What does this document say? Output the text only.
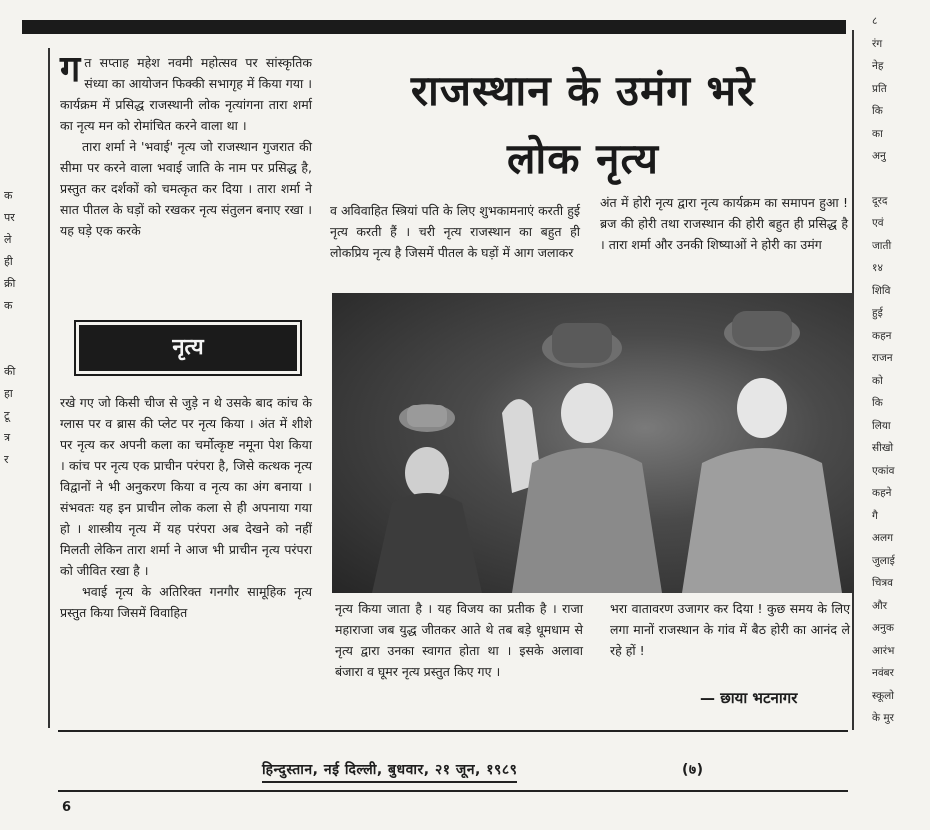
क
पर
ले
ही
क्री
क
की
हा
टू
त्र
र
८
रंग
नेह
प्रति
कि
का
अनु
दूरद
एवं
जाती
१४
शिवि
हुई
कहन
राजन
को
कि
लिया
सीखो
एकांव
कहने
गै
अलग
जुलाई
चित्रव
और
अनुक
आरंभ
नवंबर
स्कूलो
के मुर

गत सप्ताह महेश नवमी महोत्सव पर सांस्कृतिक संध्या का आयोजन फिक्की सभागृह में किया गया । कार्यक्रम में प्रसिद्ध राजस्थानी लोक नृत्यांगना तारा शर्मा का नृत्य मन को रोमांचित करने वाला था ।

तारा शर्मा ने 'भवाई' नृत्य जो राजस्थान गुजरात की सीमा पर करने वाला भवाई जाति के नाम पर प्रसिद्ध है, प्रस्तुत कर दर्शकों को चमत्कृत कर दिया । तारा शर्मा ने सात पीतल के घड़ों को रखकर नृत्य संतुलन बनाए रखा । यह घड़े एक करके

नृत्य

रखे गए जो किसी चीज से जुड़े न थे उसके बाद कांच के ग्लास पर व ब्रास की प्लेट पर नृत्य किया । अंत में शीशे पर नृत्य कर अपनी कला का चर्मोत्कृष्ट नमूना पेश किया । कांच पर नृत्य एक प्राचीन परंपरा है, जिसे कत्थक नृत्य विद्वानों ने भी अनुकरण किया व नृत्य का अंग बनाया । संभवतः यह इन प्राचीन लोक कला से ही अपनाया गया हो । शास्त्रीय नृत्य में यह परंपरा अब देखने को नहीं मिलती लेकिन तारा शर्मा ने आज भी प्राचीन नृत्य परंपरा को जीवित रखा है ।

भवाई नृत्य के अतिरिक्त गनगौर सामूहिक नृत्य प्रस्तुत किया जिसमें विवाहित

राजस्थान के उमंग भरे
लोक नृत्य
व अविवाहित स्त्रियां पति के लिए शुभकामनाएं करती हुई नृत्य करती हैं । चरी नृत्य राजस्थान का बहुत ही लोकप्रिय नृत्य है जिसमें पीतल के घड़ों में आग जलाकर
अंत में होरी नृत्य द्वारा नृत्य कार्यक्रम का समापन हुआ ! ब्रज की होरी तथा राजस्थान की होरी बहुत ही प्रसिद्ध है । तारा शर्मा और उनकी शिष्याओं ने होरी का उमंग
नृत्य किया जाता है । यह विजय का प्रतीक है । राजा महाराजा जब युद्ध जीतकर आते थे तब बड़े धूमधाम से नृत्य द्वारा उनका स्वागत होता था । इसके अलावा बंजारा व घूमर नृत्य प्रस्तुत किए गए ।
भरा वातावरण उजागर कर दिया ! कुछ समय के लिए लगा मानों राजस्थान के गांव में बैठ होरी का आनंद ले रहे हों !
— छाया भटनागर
हिन्दुस्तान, नई दिल्ली, बुधवार, २१ जून, १९८९	(७)
6
